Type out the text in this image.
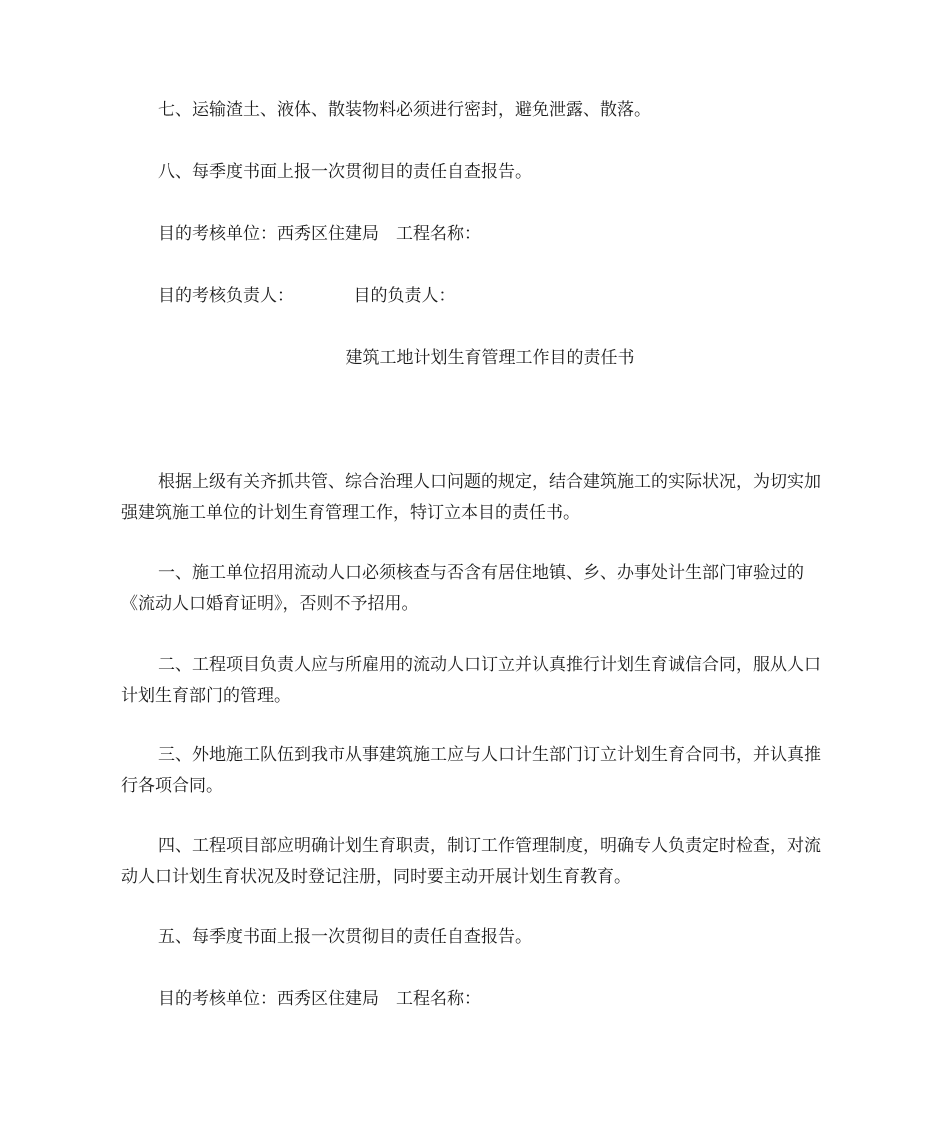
七、运输渣土、液体、散装物料必须进行密封，避免泄露、散落。
八、每季度书面上报一次贯彻目的责任自查报告。
目的考核单位：西秀区住建局　工程名称：
目的考核负责人：　　　　目的负责人：
建筑工地计划生育管理工作目的责任书
根据上级有关齐抓共管、综合治理人口问题的规定，结合建筑施工的实际状况，为切实加强建筑施工单位的计划生育管理工作，特订立本目的责任书。
一、施工单位招用流动人口必须核查与否含有居住地镇、乡、办事处计生部门审验过的《流动人口婚育证明》，否则不予招用。
二、工程项目负责人应与所雇用的流动人口订立并认真推行计划生育诚信合同，服从人口计划生育部门的管理。
三、外地施工队伍到我市从事建筑施工应与人口计生部门订立计划生育合同书，并认真推行各项合同。
四、工程项目部应明确计划生育职责，制订工作管理制度，明确专人负责定时检查，对流动人口计划生育状况及时登记注册，同时要主动开展计划生育教育。
五、每季度书面上报一次贯彻目的责任自查报告。
目的考核单位：西秀区住建局　工程名称：
